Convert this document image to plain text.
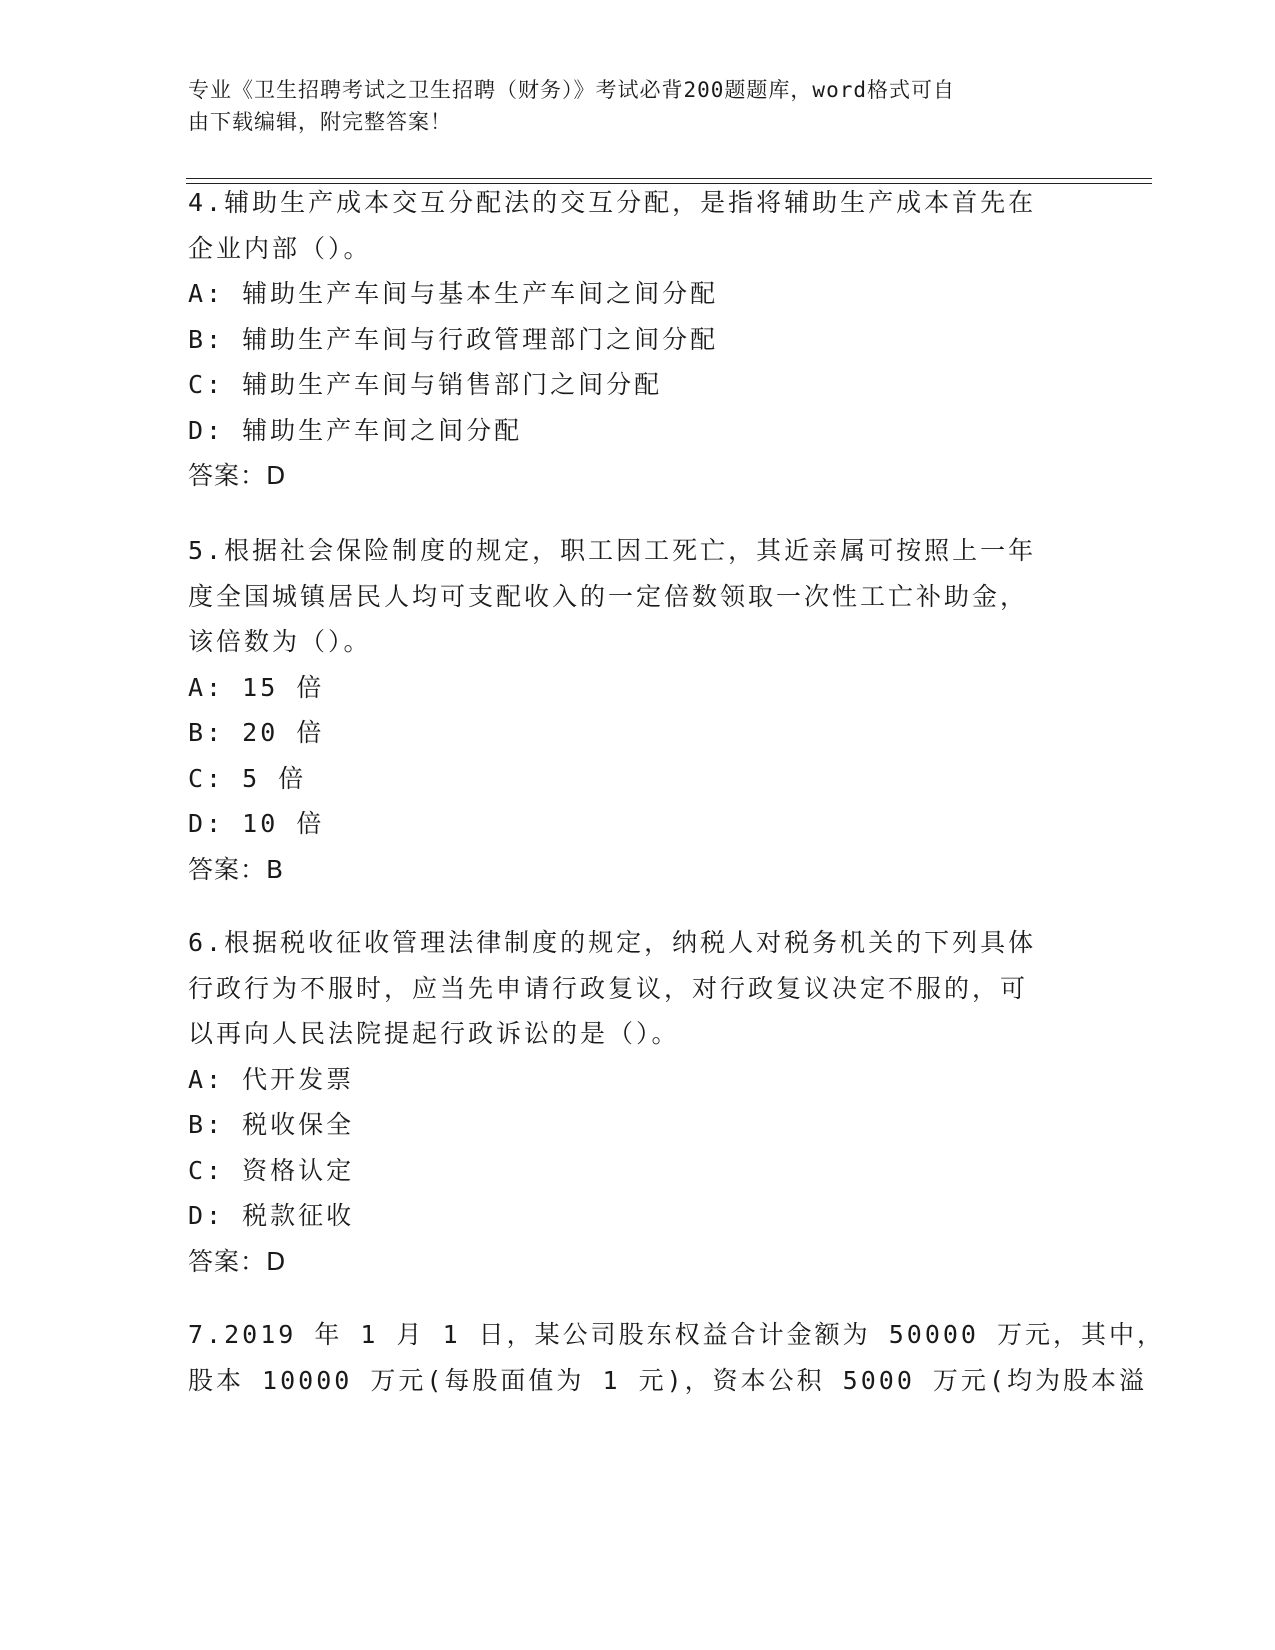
专业《卫生招聘考试之卫生招聘（财务）》考试必背200题题库，word格式可自
由下载编辑，附完整答案！
4.辅助生产成本交互分配法的交互分配，是指将辅助生产成本首先在
企业内部（）。
A: 辅助生产车间与基本生产车间之间分配
B: 辅助生产车间与行政管理部门之间分配
C: 辅助生产车间与销售部门之间分配
D: 辅助生产车间之间分配
答案：D
5.根据社会保险制度的规定，职工因工死亡，其近亲属可按照上一年
度全国城镇居民人均可支配收入的一定倍数领取一次性工亡补助金，
该倍数为（）。
A: 15 倍
B: 20 倍
C: 5 倍
D: 10 倍
答案：B
6.根据税收征收管理法律制度的规定，纳税人对税务机关的下列具体
行政行为不服时，应当先申请行政复议，对行政复议决定不服的，可
以再向人民法院提起行政诉讼的是（）。
A: 代开发票
B: 税收保全
C: 资格认定
D: 税款征收
答案：D
7.2019 年 1 月 1 日，某公司股东权益合计金额为 50000 万元，其中，
股本 10000 万元(每股面值为 1 元)，资本公积 5000 万元(均为股本溢
